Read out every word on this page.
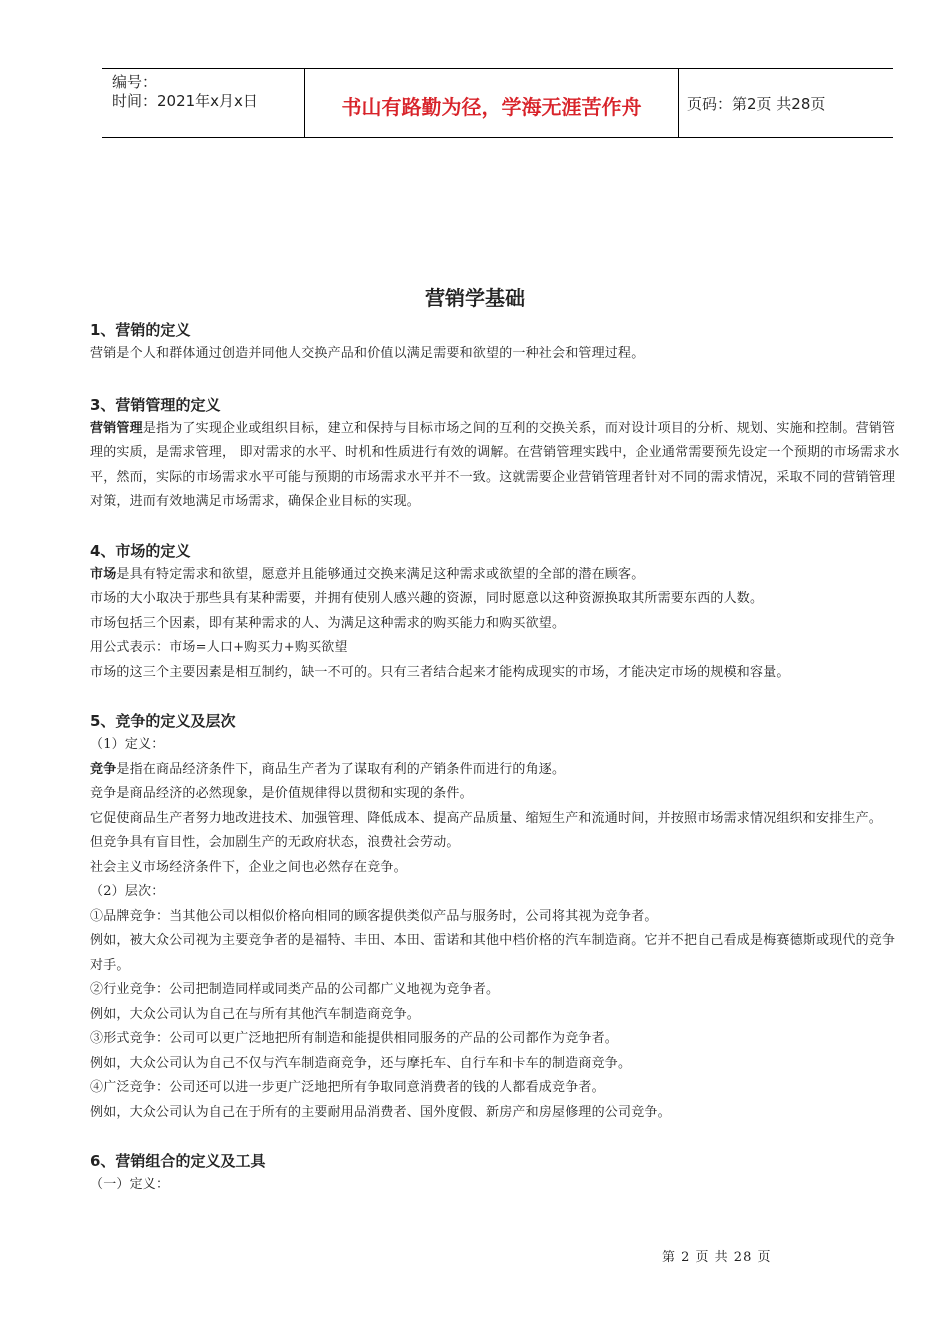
编号：
时间：2021年x月x日	书山有路勤为径，学海无涯苦作舟	页码：第2页 共28页
营销学基础

1、营销的定义

营销是个人和群体通过创造并同他人交换产品和价值以满足需要和欲望的一种社会和管理过程。

3、营销管理的定义

营销管理是指为了实现企业或组织目标，建立和保持与目标市场之间的互利的交换关系，而对设计项目的分析、规划、实施和控制。营销管理的实质，是需求管理， 即对需求的水平、时机和性质进行有效的调解。在营销管理实践中，企业通常需要预先设定一个预期的市场需求水平，然而，实际的市场需求水平可能与预期的市场需求水平并不一致。这就需要企业营销管理者针对不同的需求情况，采取不同的营销管理对策，进而有效地满足市场需求，确保企业目标的实现。

4、市场的定义

市场是具有特定需求和欲望，愿意并且能够通过交换来满足这种需求或欲望的全部的潜在顾客。

市场的大小取决于那些具有某种需要，并拥有使别人感兴趣的资源，同时愿意以这种资源换取其所需要东西的人数。

市场包括三个因素，即有某种需求的人、为满足这种需求的购买能力和购买欲望。

用公式表示：市场=人口+购买力+购买欲望

市场的这三个主要因素是相互制约，缺一不可的。只有三者结合起来才能构成现实的市场，才能决定市场的规模和容量。

5、竞争的定义及层次

（1）定义：

竞争是指在商品经济条件下，商品生产者为了谋取有利的产销条件而进行的角逐。

竞争是商品经济的必然现象，是价值规律得以贯彻和实现的条件。

它促使商品生产者努力地改进技术、加强管理、降低成本、提高产品质量、缩短生产和流通时间，并按照市场需求情况组织和安排生产。

但竞争具有盲目性，会加剧生产的无政府状态，浪费社会劳动。

社会主义市场经济条件下，企业之间也必然存在竞争。

（2）层次：

①品牌竞争：当其他公司以相似价格向相同的顾客提供类似产品与服务时，公司将其视为竞争者。

例如，被大众公司视为主要竞争者的是福特、丰田、本田、雷诺和其他中档价格的汽车制造商。它并不把自己看成是梅赛德斯或现代的竞争对手。

②行业竞争：公司把制造同样或同类产品的公司都广义地视为竞争者。

例如，大众公司认为自己在与所有其他汽车制造商竞争。

③形式竞争：公司可以更广泛地把所有制造和能提供相同服务的产品的公司都作为竞争者。

例如，大众公司认为自己不仅与汽车制造商竞争，还与摩托车、自行车和卡车的制造商竞争。

④广泛竞争：公司还可以进一步更广泛地把所有争取同意消费者的钱的人都看成竞争者。

例如，大众公司认为自己在于所有的主要耐用品消费者、国外度假、新房产和房屋修理的公司竞争。

6、营销组合的定义及工具

（一）定义：

第 2 页 共 28 页
